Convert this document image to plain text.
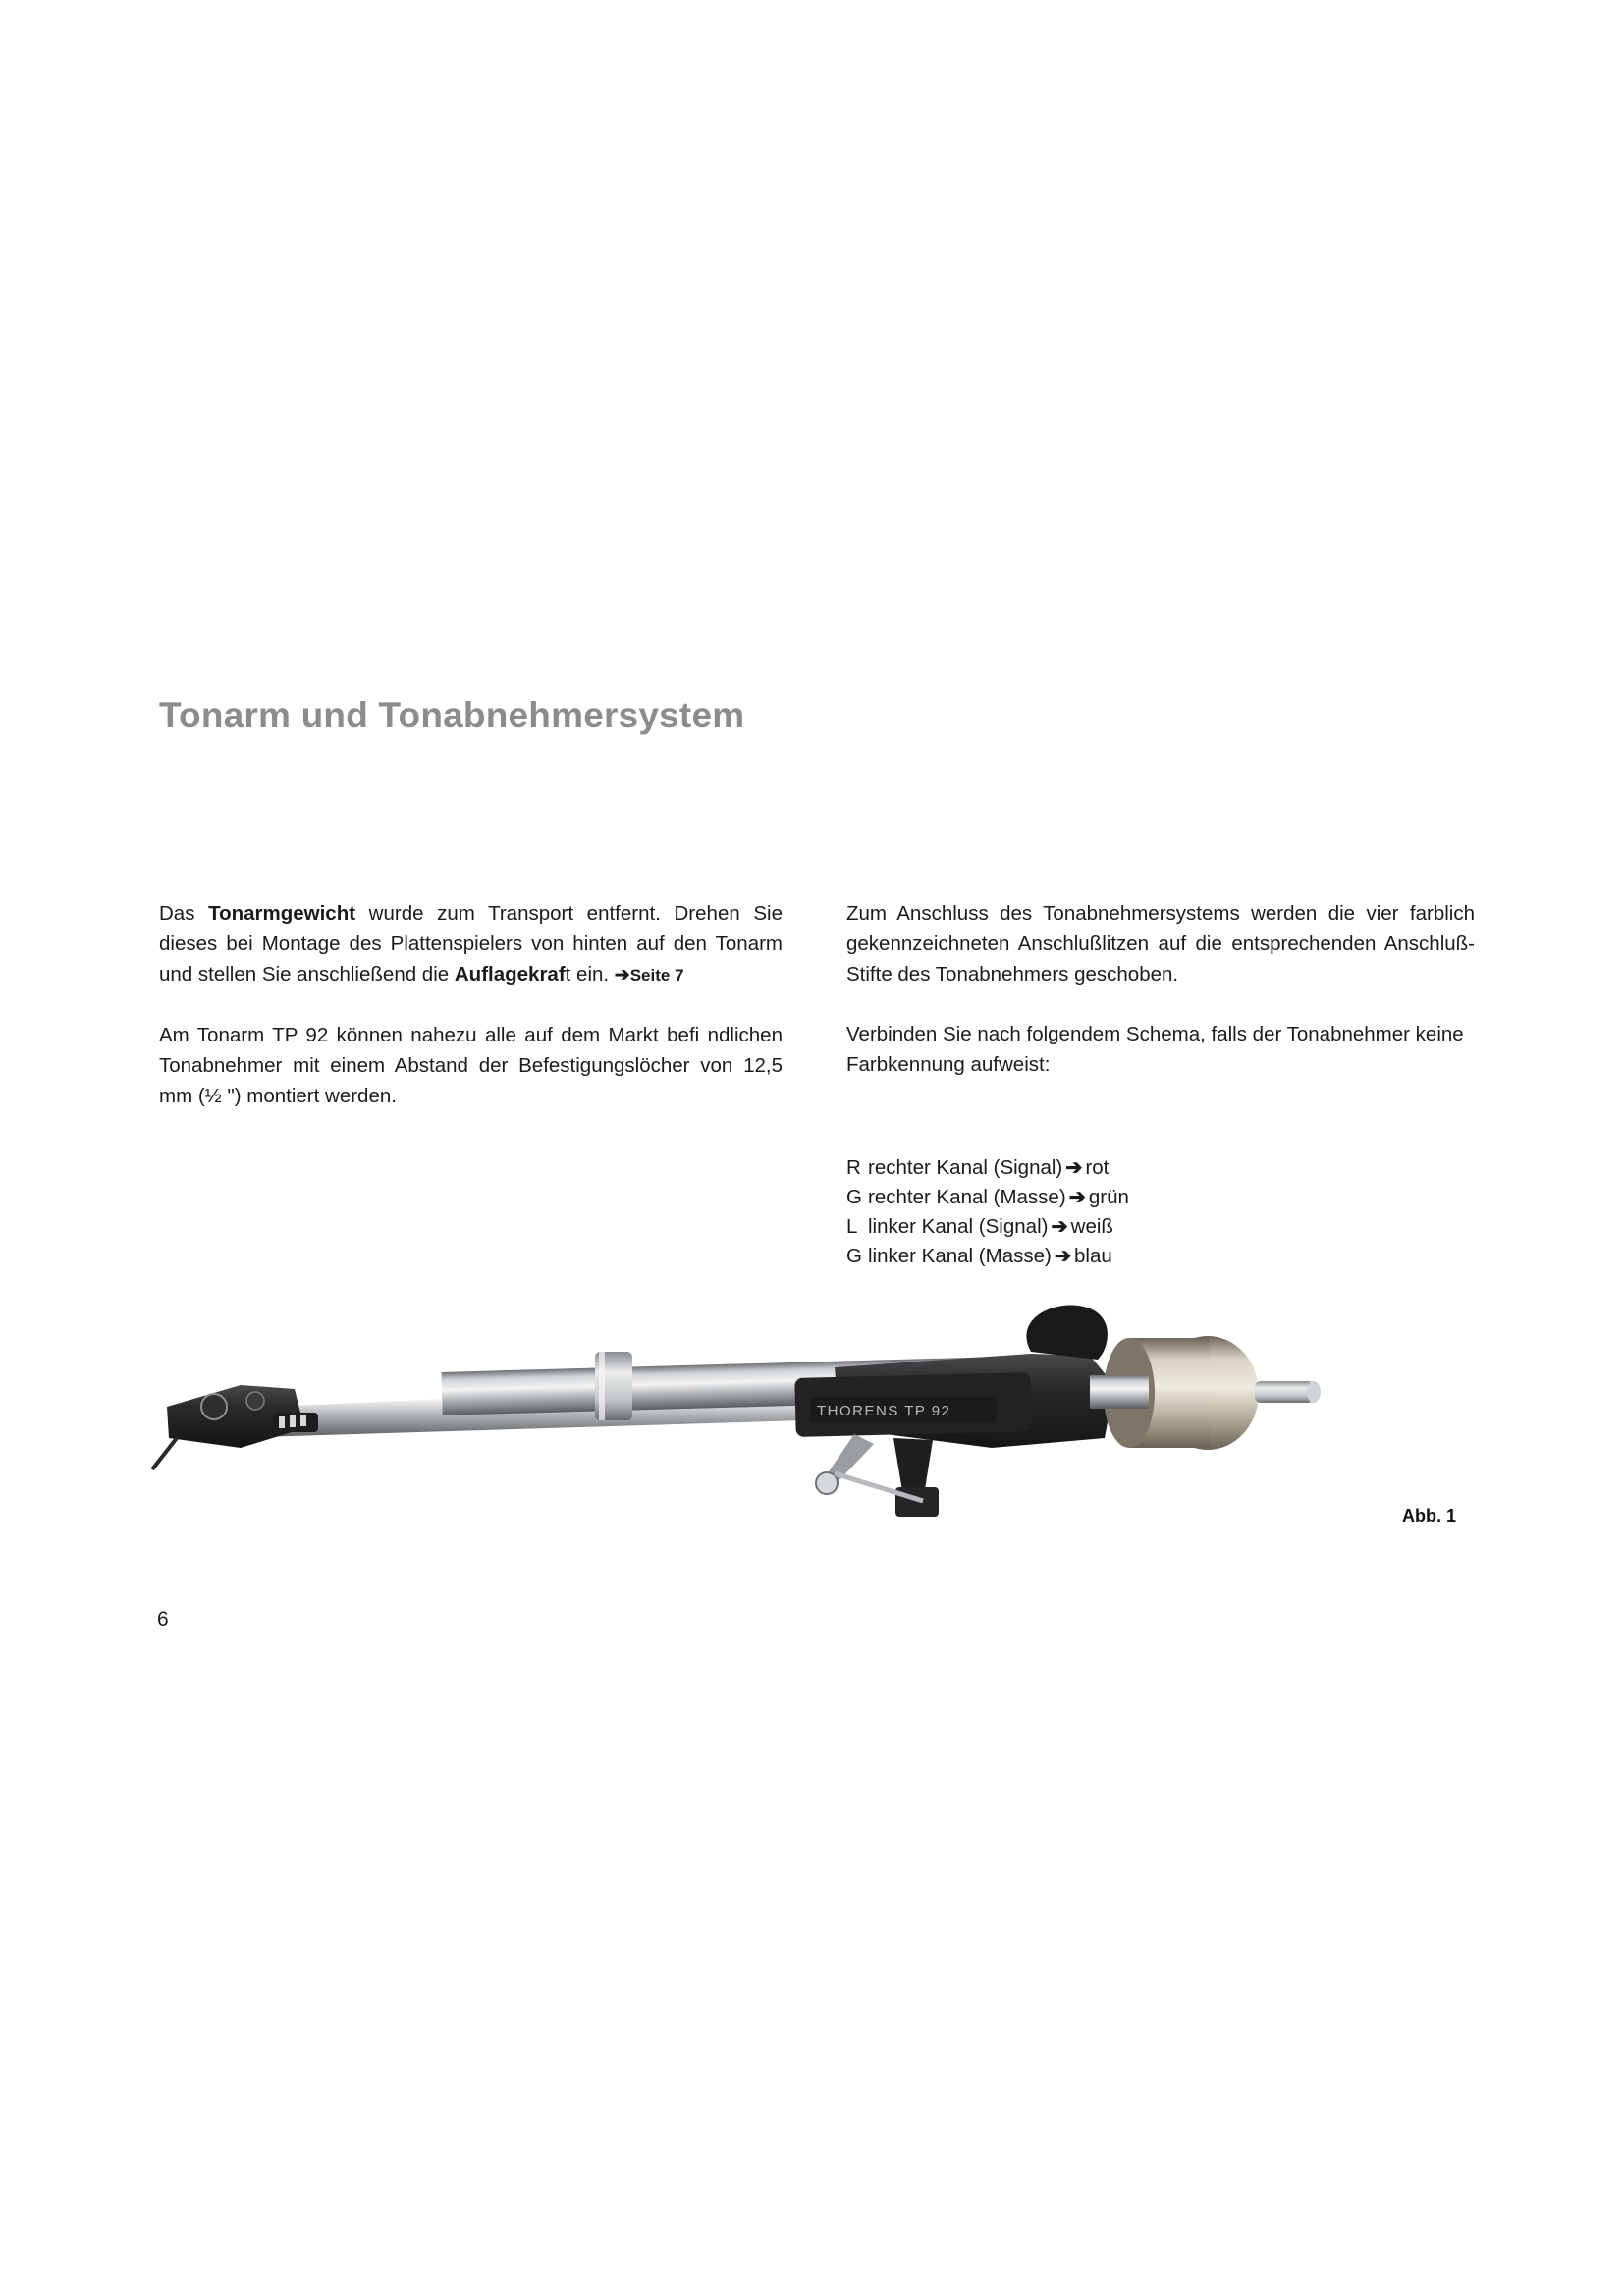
Tonarm und Tonabnehmersystem

Das Tonarmgewicht wurde zum Transport entfernt. Drehen Sie dieses bei Montage des Plattenspielers von hinten auf den Tonarm und stellen Sie anschließend die Auflagekraft ein. ➔Seite 7

Am Tonarm TP 92 können nahezu alle auf dem Markt befi ndlichen Tonabnehmer mit einem Abstand der Befestigungslöcher von 12,5 mm (½ ") montiert werden.

Zum Anschluss des Tonabnehmersystems werden die vier farblich gekennzeichneten Anschlußlitzen auf die entsprechenden Anschluß-Stifte des Tonabnehmers geschoben.

Verbinden Sie nach folgendem Schema, falls der Tonabnehmer keine Farbkennung aufweist:

R rechter Kanal (Signal) ➔ rot
G rechter Kanal (Masse) ➔ grün
L linker Kanal (Signal) ➔ weiß
G linker Kanal (Masse) ➔ blau
THORENS TP 92
Abb. 1
6
